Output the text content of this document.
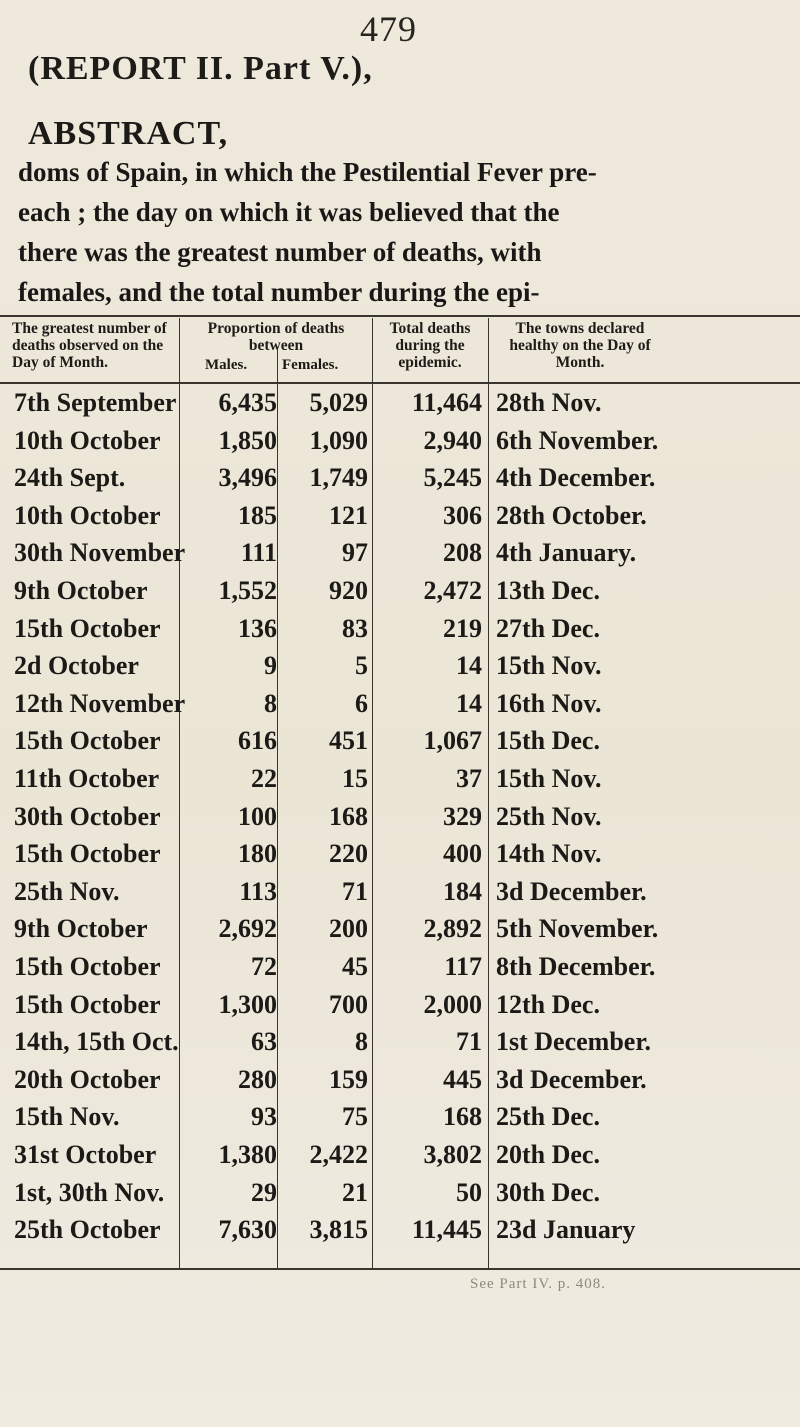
479
(REPORT II. Part V.),
ABSTRACT,
doms of Spain, in which the Pestilential Fever pre-
each ; the day on which it was believed that the
there was the greatest number of deaths, with
females, and the total number during the epi-
The greatest number of deaths observed on the Day of Month.
Proportion of deaths between
Males. Females.
Total deaths during the epidemic.
The towns declared healthy on the Day of Month.
7th September	6,435	5,029	11,464 28th Nov.
10th October	1,850	1,090	2,940 6th November.
24th Sept.	3,496	1,749	5,245 4th December.
10th October	185	121	306 28th October.
30th November	111	97	208 4th January.
9th October	1,552	920	2,472 13th Dec.
15th October	136	83	219 27th Dec.
2d October	9	5	14 15th Nov.
12th November	8	6	14 16th Nov.
15th October	616	451	1,067 15th Dec.
11th October	22	15	37 15th Nov.
30th October	100	168	329 25th Nov.
15th October	180	220	400 14th Nov.
25th Nov.	113	71	184 3d December.
9th October	2,692	200	2,892 5th November.
15th October	72	45	117 8th December.
15th October	1,300	700	2,000 12th Dec.
14th, 15th Oct.	63	8	71 1st December.
20th October	280	159	445 3d December.
15th Nov.	93	75	168 25th Dec.
31st October	1,380	2,422	3,802 20th Dec.
1st, 30th Nov.	29	21	50 30th Dec.
25th October	7,630	3,815	11,445 23d January
See Part IV. p. 408.
